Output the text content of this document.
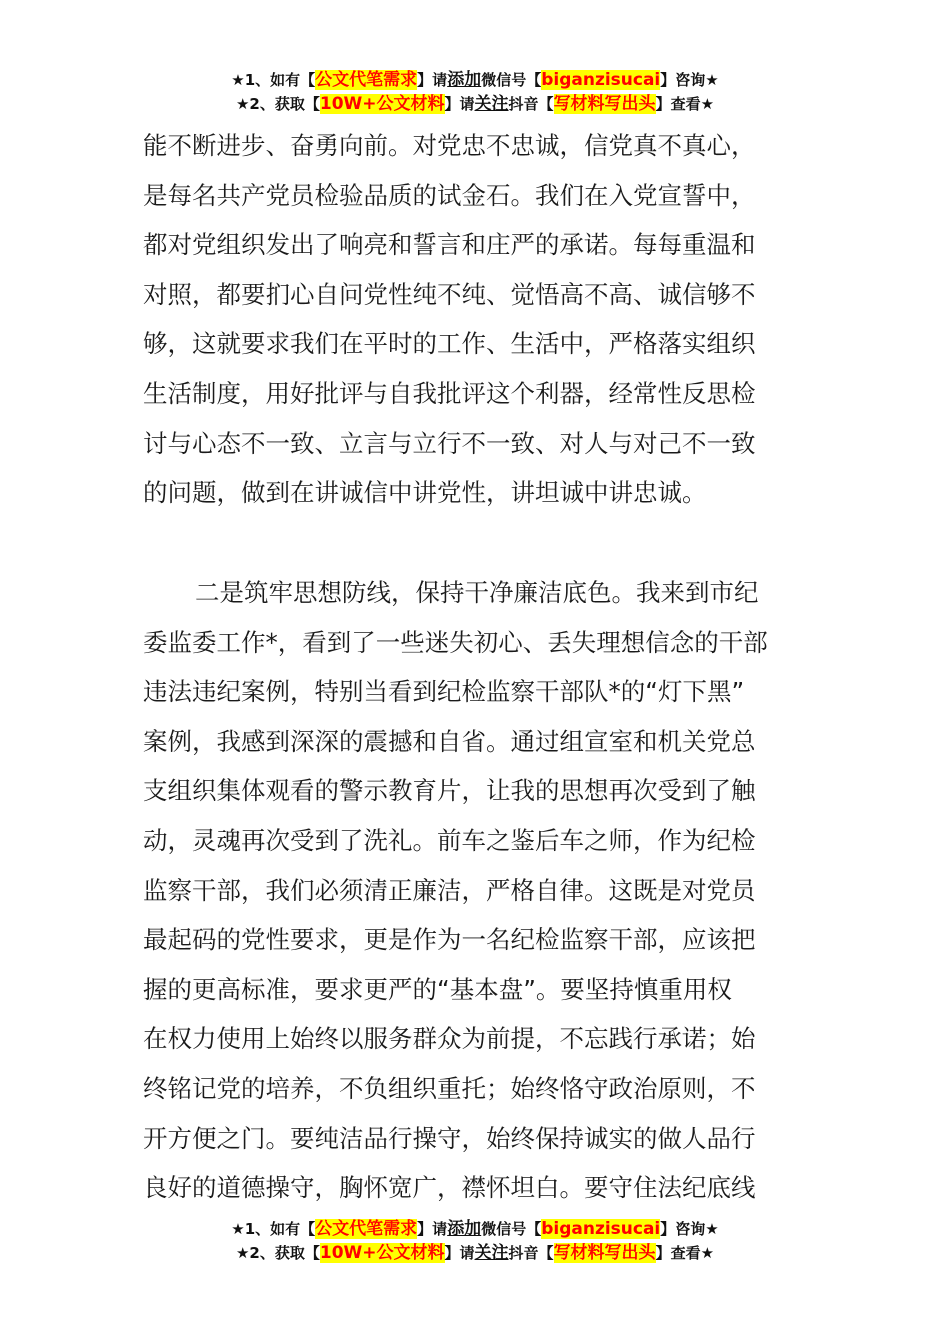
★1、如有【公文代笔需求】请添加微信号【biganzisucai】咨询★
★2、获取【10W+公文材料】请关注抖音【写材料写出头】查看★
能不断进步、奋勇向前。对党忠不忠诚，信党真不真心，
是每名共产党员检验品质的试金石。我们在入党宣誓中，
都对党组织发出了响亮和誓言和庄严的承诺。每每重温和
对照，都要扪心自问党性纯不纯、觉悟高不高、诚信够不
够，这就要求我们在平时的工作、生活中，严格落实组织
生活制度，用好批评与自我批评这个利器，经常性反思检
讨与心态不一致、立言与立行不一致、对人与对己不一致
的问题，做到在讲诚信中讲党性，讲坦诚中讲忠诚。
二是筑牢思想防线，保持干净廉洁底色。我来到市纪
委监委工作*，看到了一些迷失初心、丢失理想信念的干部
违法违纪案例，特别当看到纪检监察干部队*的“灯下黑”
案例，我感到深深的震撼和自省。通过组宣室和机关党总
支组织集体观看的警示教育片，让我的思想再次受到了触
动，灵魂再次受到了洗礼。前车之鉴后车之师，作为纪检
监察干部，我们必须清正廉洁，严格自律。这既是对党员
最起码的党性要求，更是作为一名纪检监察干部，应该把
握的更高标准，要求更严的“基本盘”。要坚持慎重用权
在权力使用上始终以服务群众为前提，不忘践行承诺；始
终铭记党的培养，不负组织重托；始终恪守政治原则，不
开方便之门。要纯洁品行操守，始终保持诚实的做人品行
良好的道德操守，胸怀宽广，襟怀坦白。要守住法纪底线
★1、如有【公文代笔需求】请添加微信号【biganzisucai】咨询★
★2、获取【10W+公文材料】请关注抖音【写材料写出头】查看★
